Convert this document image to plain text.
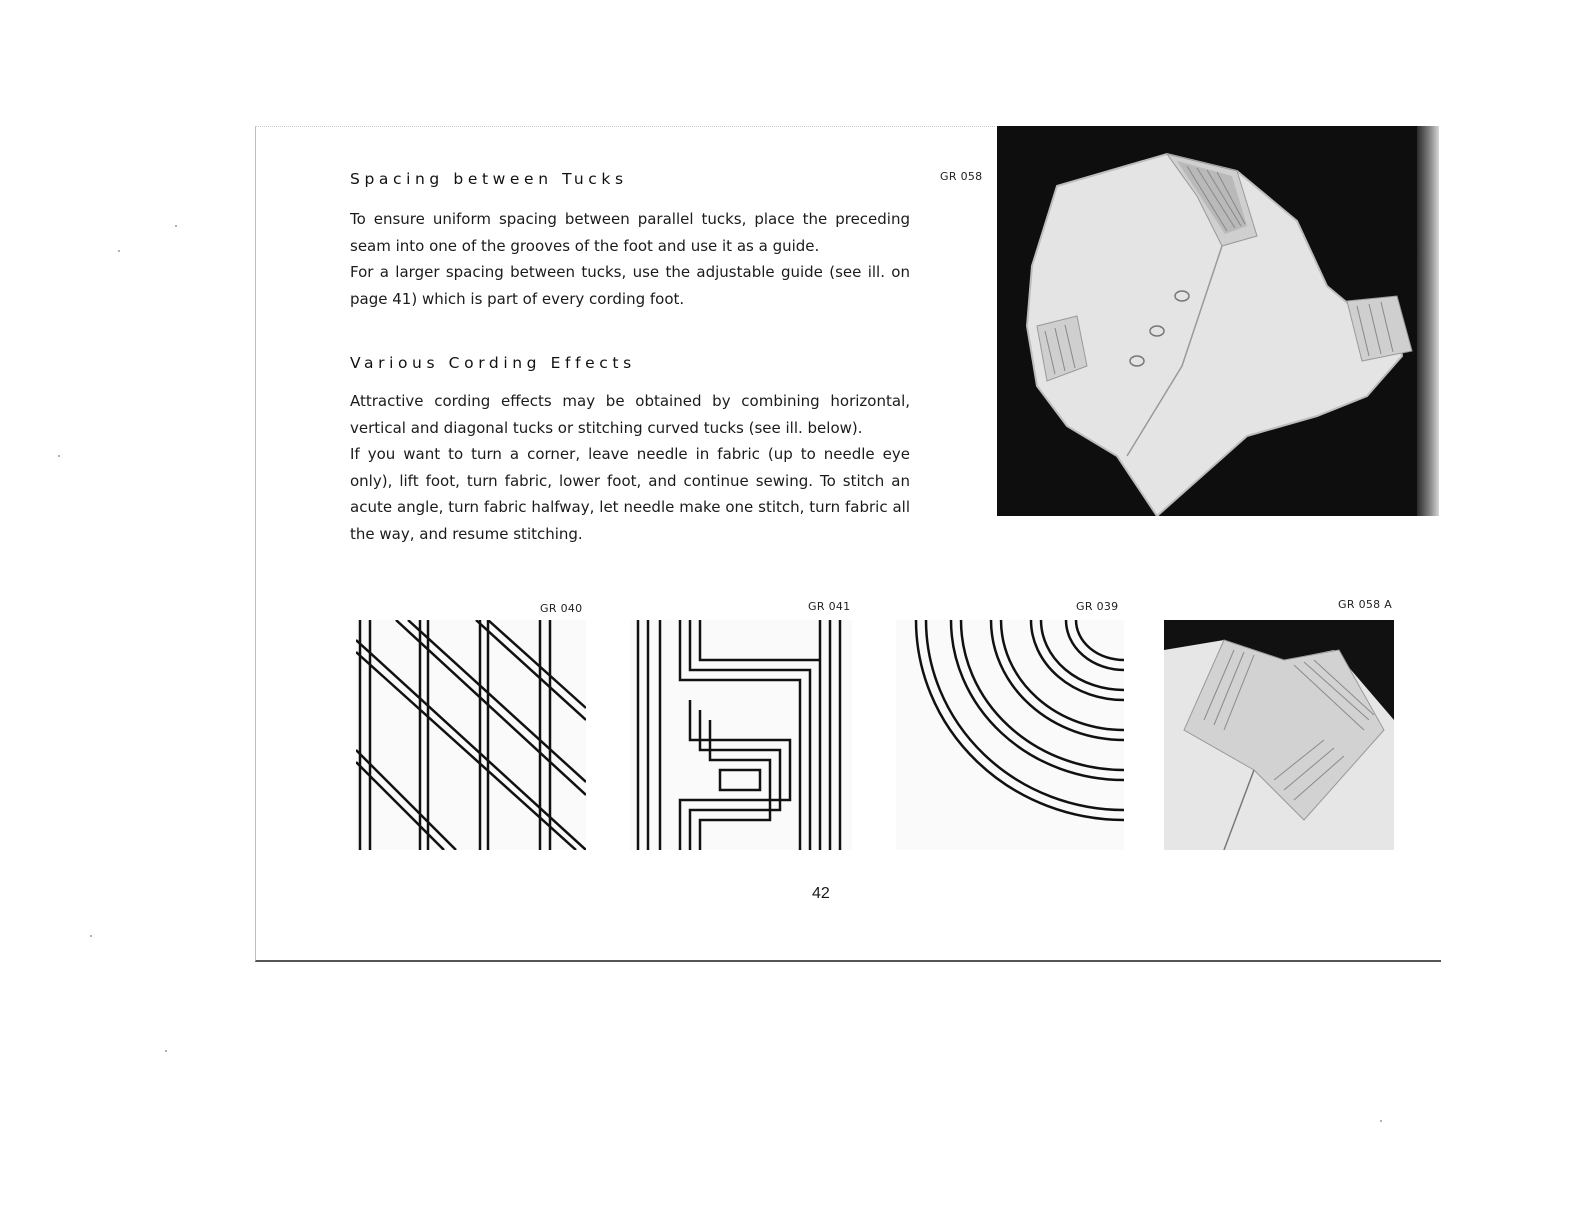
Spacing between Tucks

To ensure uniform spacing between parallel tucks, place the preceding seam into one of the grooves of the foot and use it as a guide.

For a larger spacing between tucks, use the adjustable guide (see ill. on page 41) which is part of every cording foot.

Various Cording Effects

Attractive cording effects may be obtained by combining horizontal, vertical and diagonal tucks or stitching curved tucks (see ill. below).

If you want to turn a corner, leave needle in fabric (up to needle eye only), lift foot, turn fabric, lower foot, and continue sewing. To stitch an acute angle, turn fabric halfway, let needle make one stitch, turn fabric all the way, and resume stitching.

GR 058
GR 040	GR 041	GR 039	GR 058 A
42
